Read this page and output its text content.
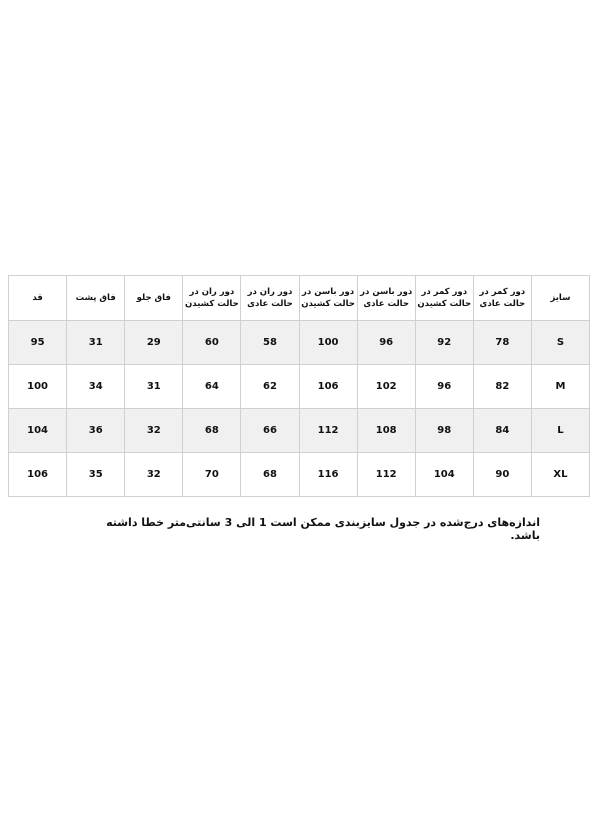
سایز	دور کمر در حالت عادی	دور کمر در حالت کشیدن	دور باسن در حالت عادی	دور باسن در حالت کشیدن	دور ران در حالت عادی	دور ران در حالت کشیدن	فاق جلو	فاق پشت	قد
S	78	92	96	100	58	60	29	31	95
M	82	96	102	106	62	64	31	34	100
L	84	98	108	112	66	68	32	36	104
XL	90	104	112	116	68	70	32	35	106
اندازه‌های درج‌شده در جدول سایزبندی ممکن است 1 الی 3 سانتی‌متر خطا داشته باشد.
